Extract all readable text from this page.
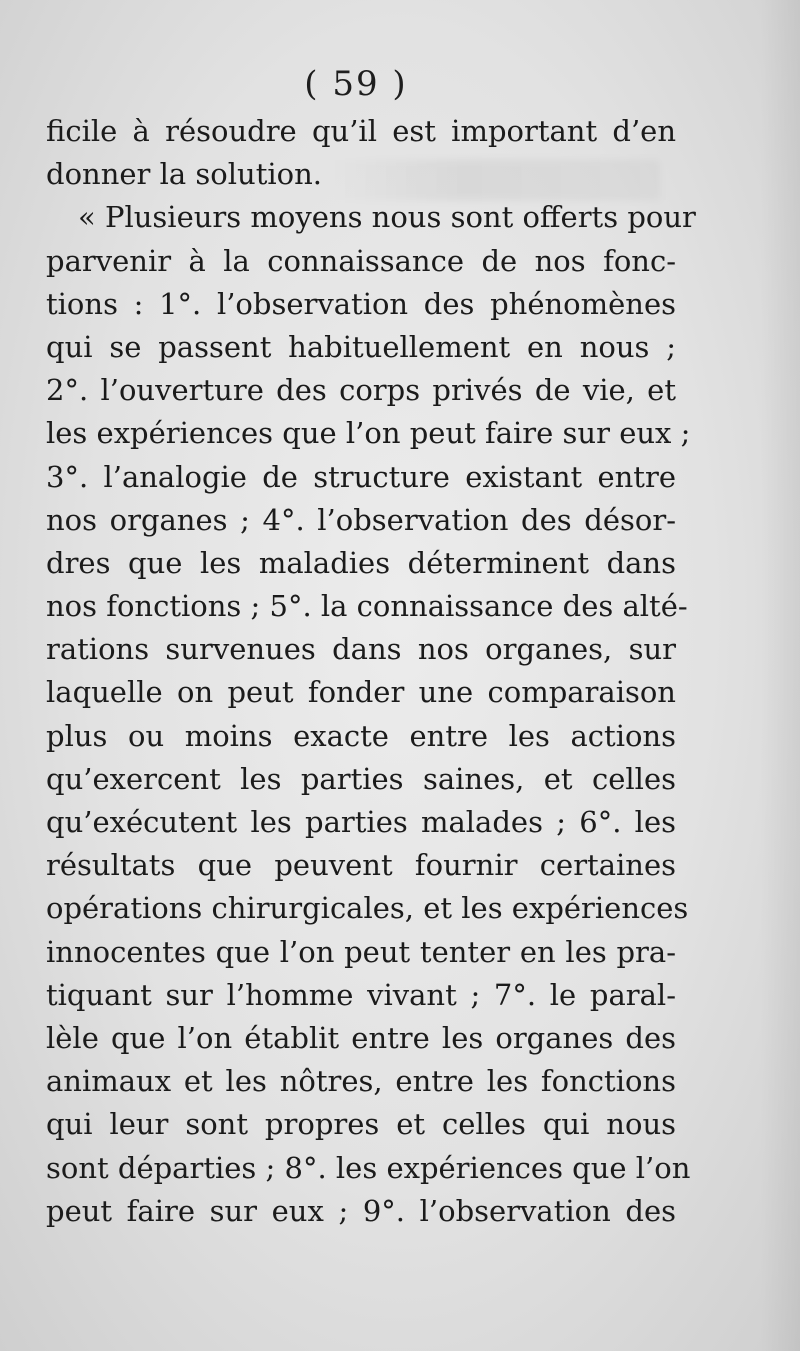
( 59 )
ficile à résoudre qu’il est important d’en
donner la solution.
« Plusieurs moyens nous sont offerts pour
parvenir à la connaissance de nos fonc-
tions : 1°. l’observation des phénomènes
qui se passent habituellement en nous ;
2°. l’ouverture des corps privés de vie, et
les expériences que l’on peut faire sur eux ;
3°. l’analogie de structure existant entre
nos organes ; 4°. l’observation des désor-
dres que les maladies déterminent dans
nos fonctions ; 5°. la connaissance des alté-
rations survenues dans nos organes, sur
laquelle on peut fonder une comparaison
plus ou moins exacte entre les actions
qu’exercent les parties saines, et celles
qu’exécutent les parties malades ; 6°. les
résultats que peuvent fournir certaines
opérations chirurgicales, et les expériences
innocentes que l’on peut tenter en les pra-
tiquant sur l’homme vivant ; 7°. le paral-
lèle que l’on établit entre les organes des
animaux et les nôtres, entre les fonctions
qui leur sont propres et celles qui nous
sont départies ; 8°. les expériences que l’on
peut faire sur eux ; 9°. l’observation des
